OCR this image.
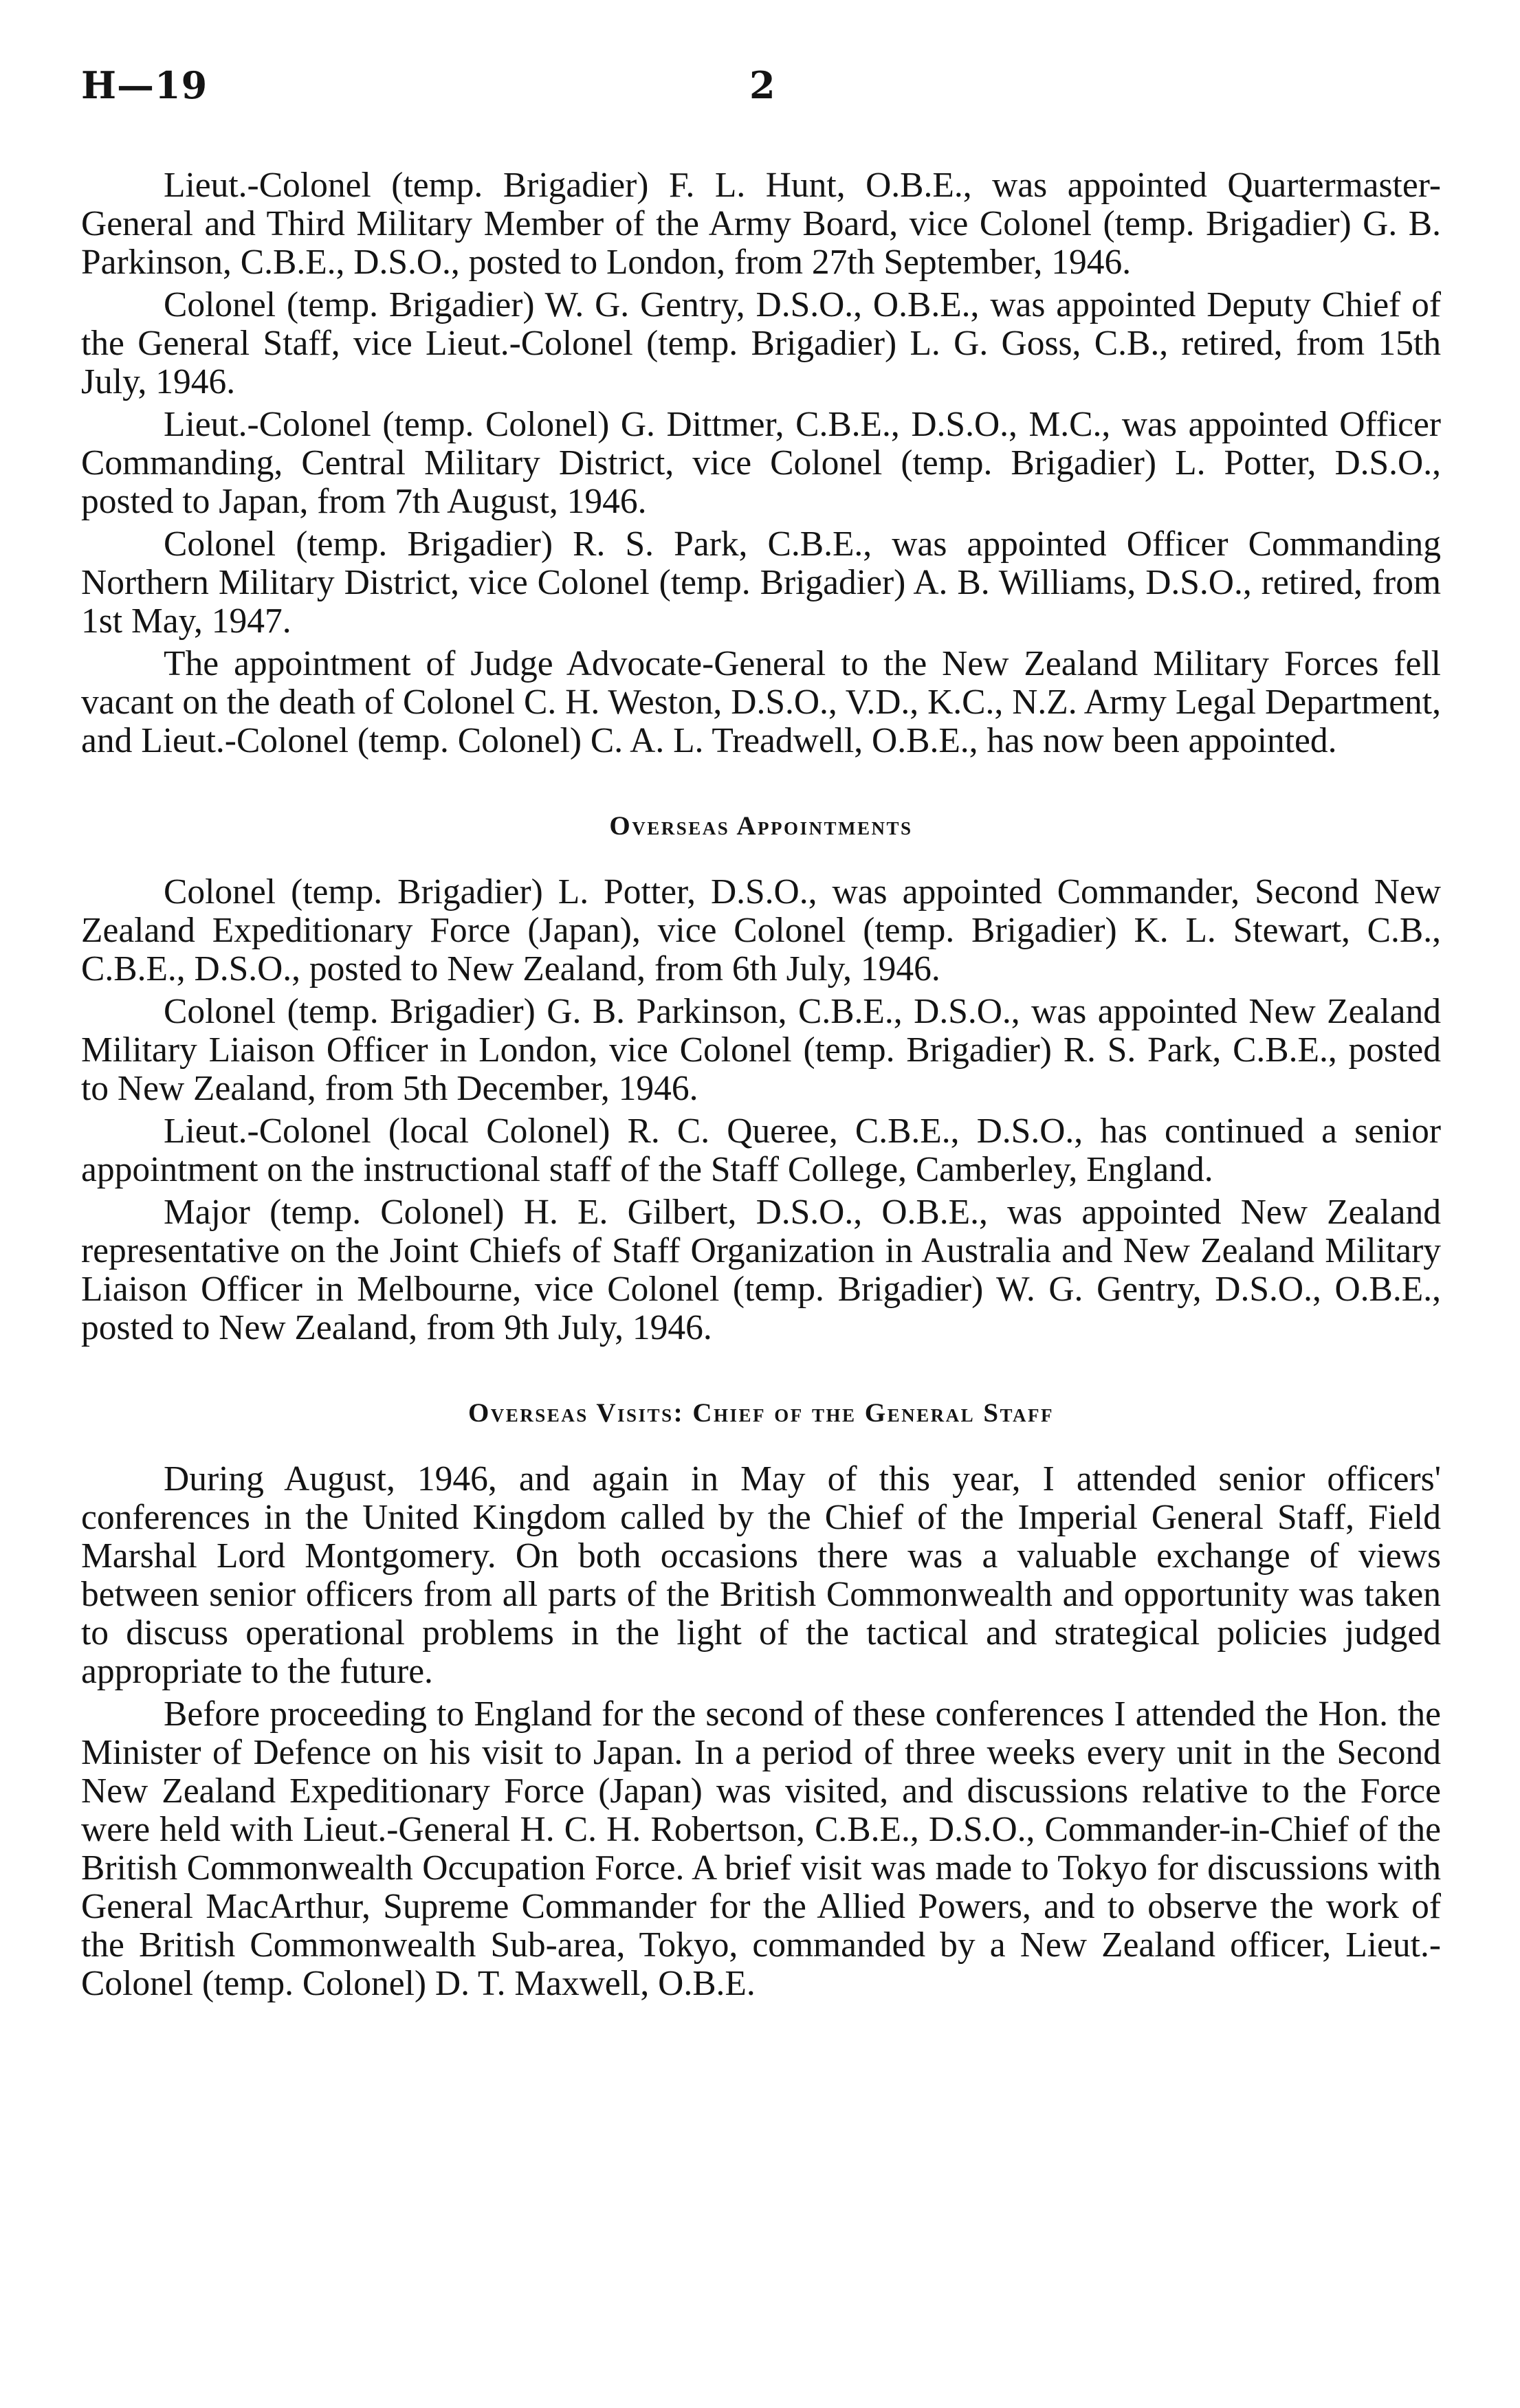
H—19	2

Lieut.-Colonel (temp. Brigadier) F. L. Hunt, O.B.E., was appointed Quartermaster-General and Third Military Member of the Army Board, vice Colonel (temp. Brigadier) G. B. Parkinson, C.B.E., D.S.O., posted to London, from 27th September, 1946.

Colonel (temp. Brigadier) W. G. Gentry, D.S.O., O.B.E., was appointed Deputy Chief of the General Staff, vice Lieut.-Colonel (temp. Brigadier) L. G. Goss, C.B., retired, from 15th July, 1946.

Lieut.-Colonel (temp. Colonel) G. Dittmer, C.B.E., D.S.O., M.C., was appointed Officer Commanding, Central Military District, vice Colonel (temp. Brigadier) L. Potter, D.S.O., posted to Japan, from 7th August, 1946.

Colonel (temp. Brigadier) R. S. Park, C.B.E., was appointed Officer Commanding Northern Military District, vice Colonel (temp. Brigadier) A. B. Williams, D.S.O., retired, from 1st May, 1947.

The appointment of Judge Advocate-General to the New Zealand Military Forces fell vacant on the death of Colonel C. H. Weston, D.S.O., V.D., K.C., N.Z. Army Legal Department, and Lieut.-Colonel (temp. Colonel) C. A. L. Treadwell, O.B.E., has now been appointed.

Overseas Appointments

Colonel (temp. Brigadier) L. Potter, D.S.O., was appointed Commander, Second New Zealand Expeditionary Force (Japan), vice Colonel (temp. Brigadier) K. L. Stewart, C.B., C.B.E., D.S.O., posted to New Zealand, from 6th July, 1946.

Colonel (temp. Brigadier) G. B. Parkinson, C.B.E., D.S.O., was appointed New Zealand Military Liaison Officer in London, vice Colonel (temp. Brigadier) R. S. Park, C.B.E., posted to New Zealand, from 5th December, 1946.

Lieut.-Colonel (local Colonel) R. C. Queree, C.B.E., D.S.O., has continued a senior appointment on the instructional staff of the Staff College, Camberley, England.

Major (temp. Colonel) H. E. Gilbert, D.S.O., O.B.E., was appointed New Zealand representative on the Joint Chiefs of Staff Organization in Australia and New Zealand Military Liaison Officer in Melbourne, vice Colonel (temp. Brigadier) W. G. Gentry, D.S.O., O.B.E., posted to New Zealand, from 9th July, 1946.

Overseas Visits: Chief of the General Staff

During August, 1946, and again in May of this year, I attended senior officers' conferences in the United Kingdom called by the Chief of the Imperial General Staff, Field Marshal Lord Montgomery. On both occasions there was a valuable exchange of views between senior officers from all parts of the British Commonwealth and opportunity was taken to discuss operational problems in the light of the tactical and strategical policies judged appropriate to the future.

Before proceeding to England for the second of these conferences I attended the Hon. the Minister of Defence on his visit to Japan. In a period of three weeks every unit in the Second New Zealand Expeditionary Force (Japan) was visited, and discussions relative to the Force were held with Lieut.-General H. C. H. Robertson, C.B.E., D.S.O., Commander-in-Chief of the British Commonwealth Occupation Force. A brief visit was made to Tokyo for discussions with General MacArthur, Supreme Commander for the Allied Powers, and to observe the work of the British Commonwealth Sub-area, Tokyo, commanded by a New Zealand officer, Lieut.-Colonel (temp. Colonel) D. T. Maxwell, O.B.E.
